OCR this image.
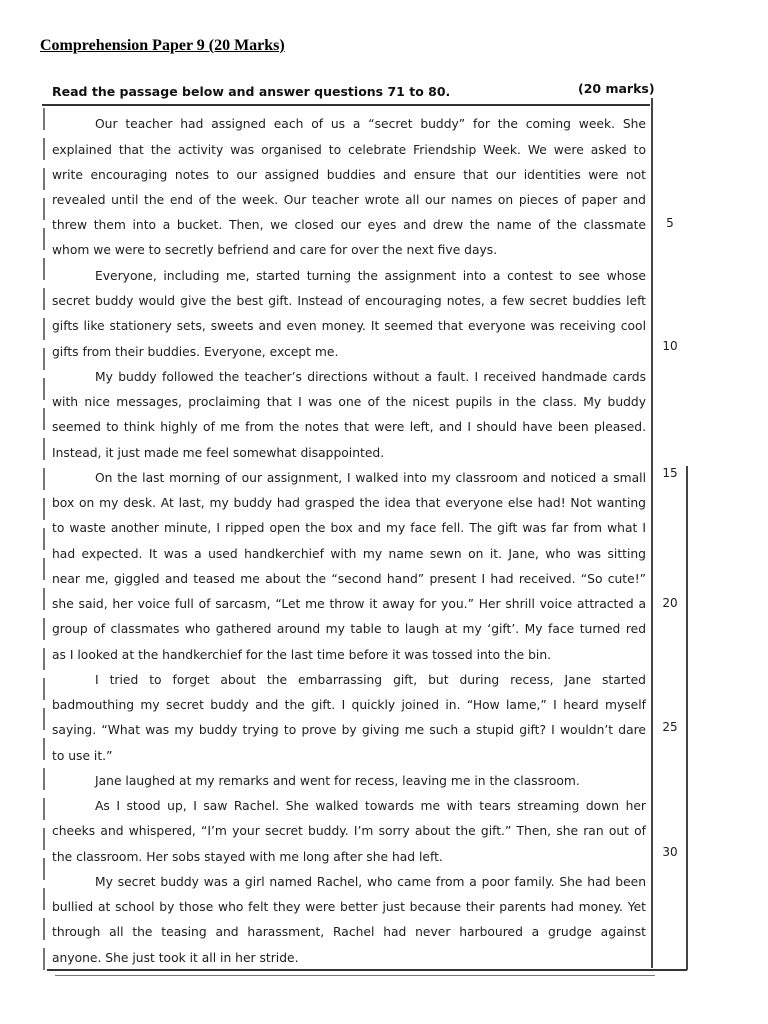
Comprehension Paper 9 (20 Marks)
Read the passage below and answer questions 71 to 80.	(20 marks)
Our teacher had assigned each of us a “secret buddy” for the coming week. She
explained that the activity was organised to celebrate Friendship Week. We were asked to
write encouraging notes to our assigned buddies and ensure that our identities were not
revealed until the end of the week. Our teacher wrote all our names on pieces of paper and
threw them into a bucket. Then, we closed our eyes and drew the name of the classmate
whom we were to secretly befriend and care for over the next five days.
Everyone, including me, started turning the assignment into a contest to see whose
secret buddy would give the best gift. Instead of encouraging notes, a few secret buddies left
gifts like stationery sets, sweets and even money. It seemed that everyone was receiving cool
gifts from their buddies. Everyone, except me.
My buddy followed the teacher’s directions without a fault. I received handmade cards
with nice messages, proclaiming that I was one of the nicest pupils in the class. My buddy
seemed to think highly of me from the notes that were left, and I should have been pleased.
Instead, it just made me feel somewhat disappointed.
On the last morning of our assignment, I walked into my classroom and noticed a small
box on my desk. At last, my buddy had grasped the idea that everyone else had! Not wanting
to waste another minute, I ripped open the box and my face fell. The gift was far from what I
had expected. It was a used handkerchief with my name sewn on it. Jane, who was sitting
near me, giggled and teased me about the “second hand” present I had received. “So cute!”
she said, her voice full of sarcasm, “Let me throw it away for you.” Her shrill voice attracted a
group of classmates who gathered around my table to laugh at my ‘gift’. My face turned red
as I looked at the handkerchief for the last time before it was tossed into the bin.
I tried to forget about the embarrassing gift, but during recess, Jane started
badmouthing my secret buddy and the gift. I quickly joined in. “How lame,” I heard myself
saying. “What was my buddy trying to prove by giving me such a stupid gift? I wouldn’t dare
to use it.”
Jane laughed at my remarks and went for recess, leaving me in the classroom.
As I stood up, I saw Rachel. She walked towards me with tears streaming down her
cheeks and whispered, “I’m your secret buddy. I’m sorry about the gift.” Then, she ran out of
the classroom. Her sobs stayed with me long after she had left.
My secret buddy was a girl named Rachel, who came from a poor family. She had been
bullied at school by those who felt they were better just because their parents had money. Yet
through all the teasing and harassment, Rachel had never harboured a grudge against
anyone. She just took it all in her stride.
5
10
15
20
25
30
